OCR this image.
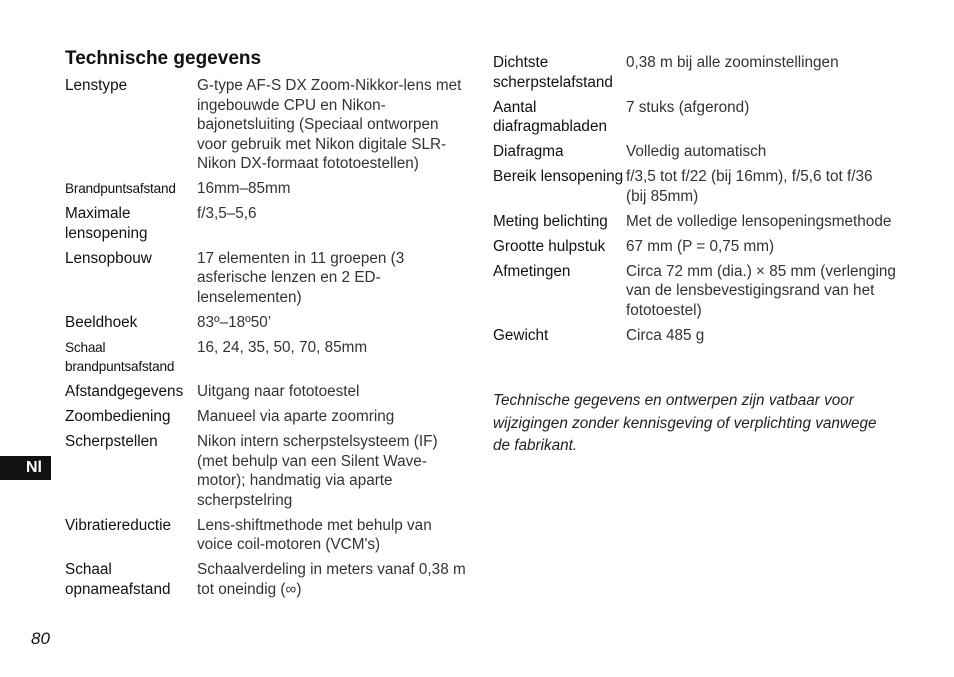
Technische gegevens
Lenstype	G-type AF-S DX Zoom-Nikkor-lens met ingebouwde CPU en Nikon-bajonetsluiting (Speciaal ontworpen voor gebruik met Nikon digitale SLR-Nikon DX-formaat fototoestellen)
Brandpuntsafstand	16mm–85mm
Maximale lensopening	f/3,5–5,6
Lensopbouw	17 elementen in 11 groepen (3 asferische lenzen en 2 ED-lenselementen)
Beeldhoek	83º–18º50’
Schaal brandpuntsafstand	16, 24, 35, 50, 70, 85mm
Afstandgegevens	Uitgang naar fototoestel
Zoombediening	Manueel via aparte zoomring
Scherpstellen	Nikon intern scherpstelsysteem (IF) (met behulp van een Silent Wave-motor); handmatig via aparte scherpstelring
Vibratiereductie	Lens-shiftmethode met behulp van voice coil-motoren (VCM's)
Schaal opnameafstand	Schaalverdeling in meters vanaf 0,38 m tot oneindig (∞)
Dichtste scherpstelafstand	0,38 m bij alle zoominstellingen
Aantal diafragmabladen	7 stuks (afgerond)
Diafragma	Volledig automatisch
Bereik lensopening	f/3,5 tot f/22 (bij 16mm), f/5,6 tot f/36 (bij 85mm)
Meting belichting	Met de volledige lensopeningsmethode
Grootte hulpstuk	67 mm (P = 0,75 mm)
Afmetingen	Circa 72 mm (dia.) × 85 mm (verlenging van de lensbevestigingsrand van het fototoestel)
Gewicht	Circa 485 g

Technische gegevens en ontwerpen zijn vatbaar voor wijzigingen zonder kennisgeving of verplichting vanwege de fabrikant.

Nl
80
